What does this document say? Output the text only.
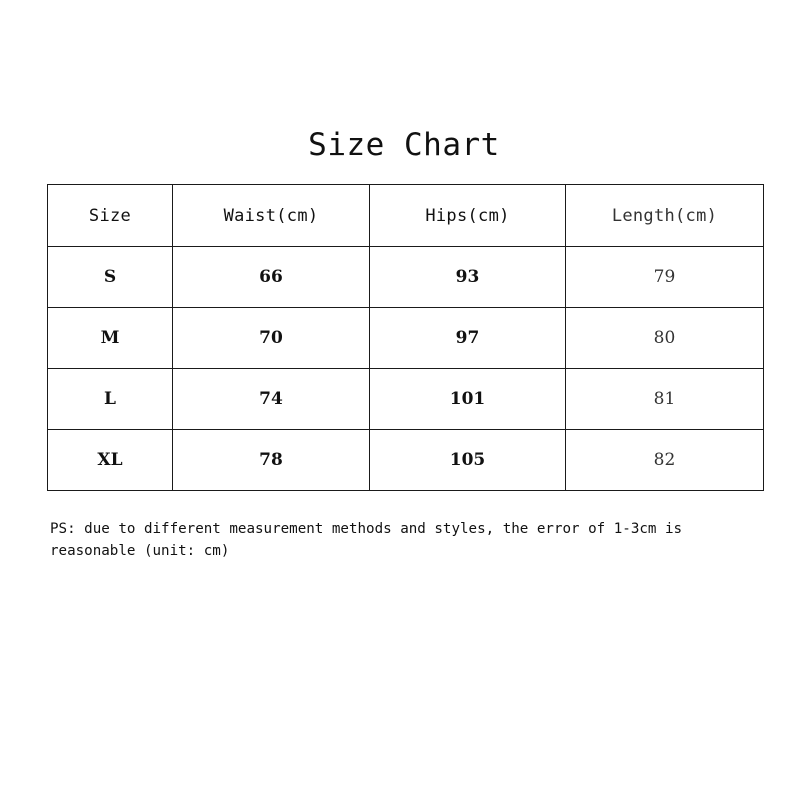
Size Chart
Size	Waist(cm)	Hips(cm)	Length(cm)
S	66	93	79
M	70	97	80
L	74	101	81
XL	78	105	82
PS: due to different measurement methods and styles, the error of 1-3cm is reasonable (unit: cm)
